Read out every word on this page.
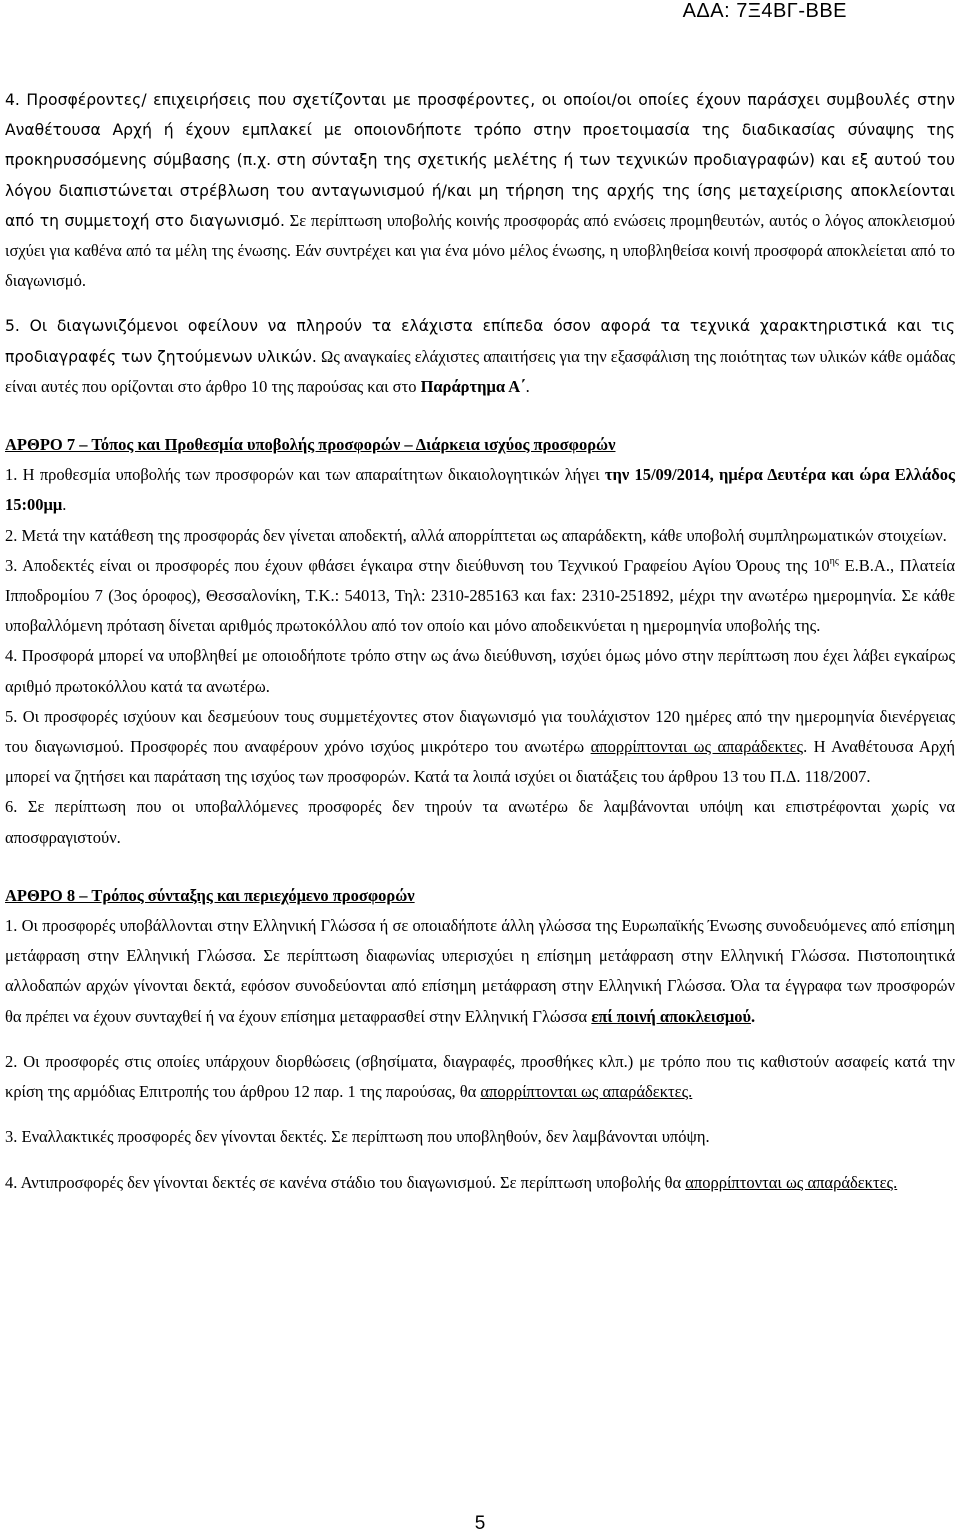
ΑΔΑ: 7Ξ4ΒΓ-ΒΒΕ

4. Προσφέροντες/ επιχειρήσεις που σχετίζονται με προσφέροντες, οι οποίοι/οι οποίες έχουν παράσχει συμβουλές στην Αναθέτουσα Αρχή ή έχουν εμπλακεί με οποιονδήποτε τρόπο στην προετοιμασία της διαδικασίας σύναψης της προκηρυσσόμενης σύμβασης (π.χ. στη σύνταξη της σχετικής μελέτης ή των τεχνικών προδιαγραφών) και εξ αυτού του λόγου διαπιστώνεται στρέβλωση του ανταγωνισμού ή/και μη τήρηση της αρχής της ίσης μεταχείρισης αποκλείονται από τη συμμετοχή στο διαγωνισμό. Σε περίπτωση υποβολής κοινής προσφοράς από ενώσεις προμηθευτών, αυτός ο λόγος αποκλεισμού ισχύει για καθένα από τα μέλη της ένωσης. Εάν συντρέχει και για ένα μόνο μέλος ένωσης, η υποβληθείσα κοινή προσφορά αποκλείεται από το διαγωνισμό.

5. Οι διαγωνιζόμενοι οφείλουν να πληρούν τα ελάχιστα επίπεδα όσον αφορά τα τεχνικά χαρακτηριστικά και τις προδιαγραφές των ζητούμενων υλικών. Ως αναγκαίες ελάχιστες απαιτήσεις για την εξασφάλιση της ποιότητας των υλικών κάθε ομάδας είναι αυτές που ορίζονται στο άρθρο 10 της παρούσας και στο Παράρτημα Α΄.

ΑΡΘΡΟ 7 – Τόπος και Προθεσμία υποβολής προσφορών – Διάρκεια ισχύος προσφορών

1. Η προθεσμία υποβολής των προσφορών και των απαραίτητων δικαιολογητικών λήγει την 15/09/2014, ημέρα Δευτέρα και ώρα Ελλάδος 15:00μμ.

2. Μετά την κατάθεση της προσφοράς δεν γίνεται αποδεκτή, αλλά απορρίπτεται ως απαράδεκτη, κάθε υποβολή συμπληρωματικών στοιχείων.

3. Αποδεκτές είναι οι προσφορές που έχουν φθάσει έγκαιρα στην διεύθυνση του Τεχνικού Γραφείου Αγίου Όρους της $10^{\eta\varsigma}$ Ε.Β.Α., Πλατεία Ιπποδρομίου 7 (3ος όροφος), Θεσσαλονίκη, Τ.Κ.: 54013, Τηλ: 2310-285163 και fax: 2310-251892, μέχρι την ανωτέρω ημερομηνία. Σε κάθε υποβαλλόμενη πρόταση δίνεται αριθμός πρωτοκόλλου από τον οποίο και μόνο αποδεικνύεται η ημερομηνία υποβολής της.

4. Προσφορά μπορεί να υποβληθεί με οποιοδήποτε τρόπο στην ως άνω διεύθυνση, ισχύει όμως μόνο στην περίπτωση που έχει λάβει εγκαίρως αριθμό πρωτοκόλλου κατά τα ανωτέρω.

5. Οι προσφορές ισχύουν και δεσμεύουν τους συμμετέχοντες στον διαγωνισμό για τουλάχιστον 120 ημέρες από την ημερομηνία διενέργειας του διαγωνισμού. Προσφορές που αναφέρουν χρόνο ισχύος μικρότερο του ανωτέρω απορρίπτονται ως απαράδεκτες. Η Αναθέτουσα Αρχή μπορεί να ζητήσει και παράταση της ισχύος των προσφορών. Κατά τα λοιπά ισχύει οι διατάξεις του άρθρου 13 του Π.Δ. 118/2007.

6. Σε περίπτωση που οι υποβαλλόμενες προσφορές δεν τηρούν τα ανωτέρω δε λαμβάνονται υπόψη και επιστρέφονται χωρίς να αποσφραγιστούν.

ΑΡΘΡΟ 8 – Τρόπος σύνταξης και περιεχόμενο προσφορών

1. Οι προσφορές υποβάλλονται στην Ελληνική Γλώσσα ή σε οποιαδήποτε άλλη γλώσσα της Ευρωπαϊκής Ένωσης συνοδευόμενες από επίσημη μετάφραση στην Ελληνική Γλώσσα. Σε περίπτωση διαφωνίας υπερισχύει η επίσημη μετάφραση στην Ελληνική Γλώσσα. Πιστοποιητικά αλλοδαπών αρχών γίνονται δεκτά, εφόσον συνοδεύονται από επίσημη μετάφραση στην Ελληνική Γλώσσα. Όλα τα έγγραφα των προσφορών θα πρέπει να έχουν συνταχθεί ή να έχουν επίσημα μεταφρασθεί στην Ελληνική Γλώσσα επί ποινή αποκλεισμού.

2. Οι προσφορές στις οποίες υπάρχουν διορθώσεις (σβησίματα, διαγραφές, προσθήκες κλπ.) με τρόπο που τις καθιστούν ασαφείς κατά την κρίση της αρμόδιας Επιτροπής του άρθρου 12 παρ. 1 της παρούσας, θα απορρίπτονται ως απαράδεκτες.

3. Εναλλακτικές προσφορές δεν γίνονται δεκτές. Σε περίπτωση που υποβληθούν, δεν λαμβάνονται υπόψη.

4. Αντιπροσφορές δεν γίνονται δεκτές σε κανένα στάδιο του διαγωνισμού. Σε περίπτωση υποβολής θα απορρίπτονται ως απαράδεκτες.

5
